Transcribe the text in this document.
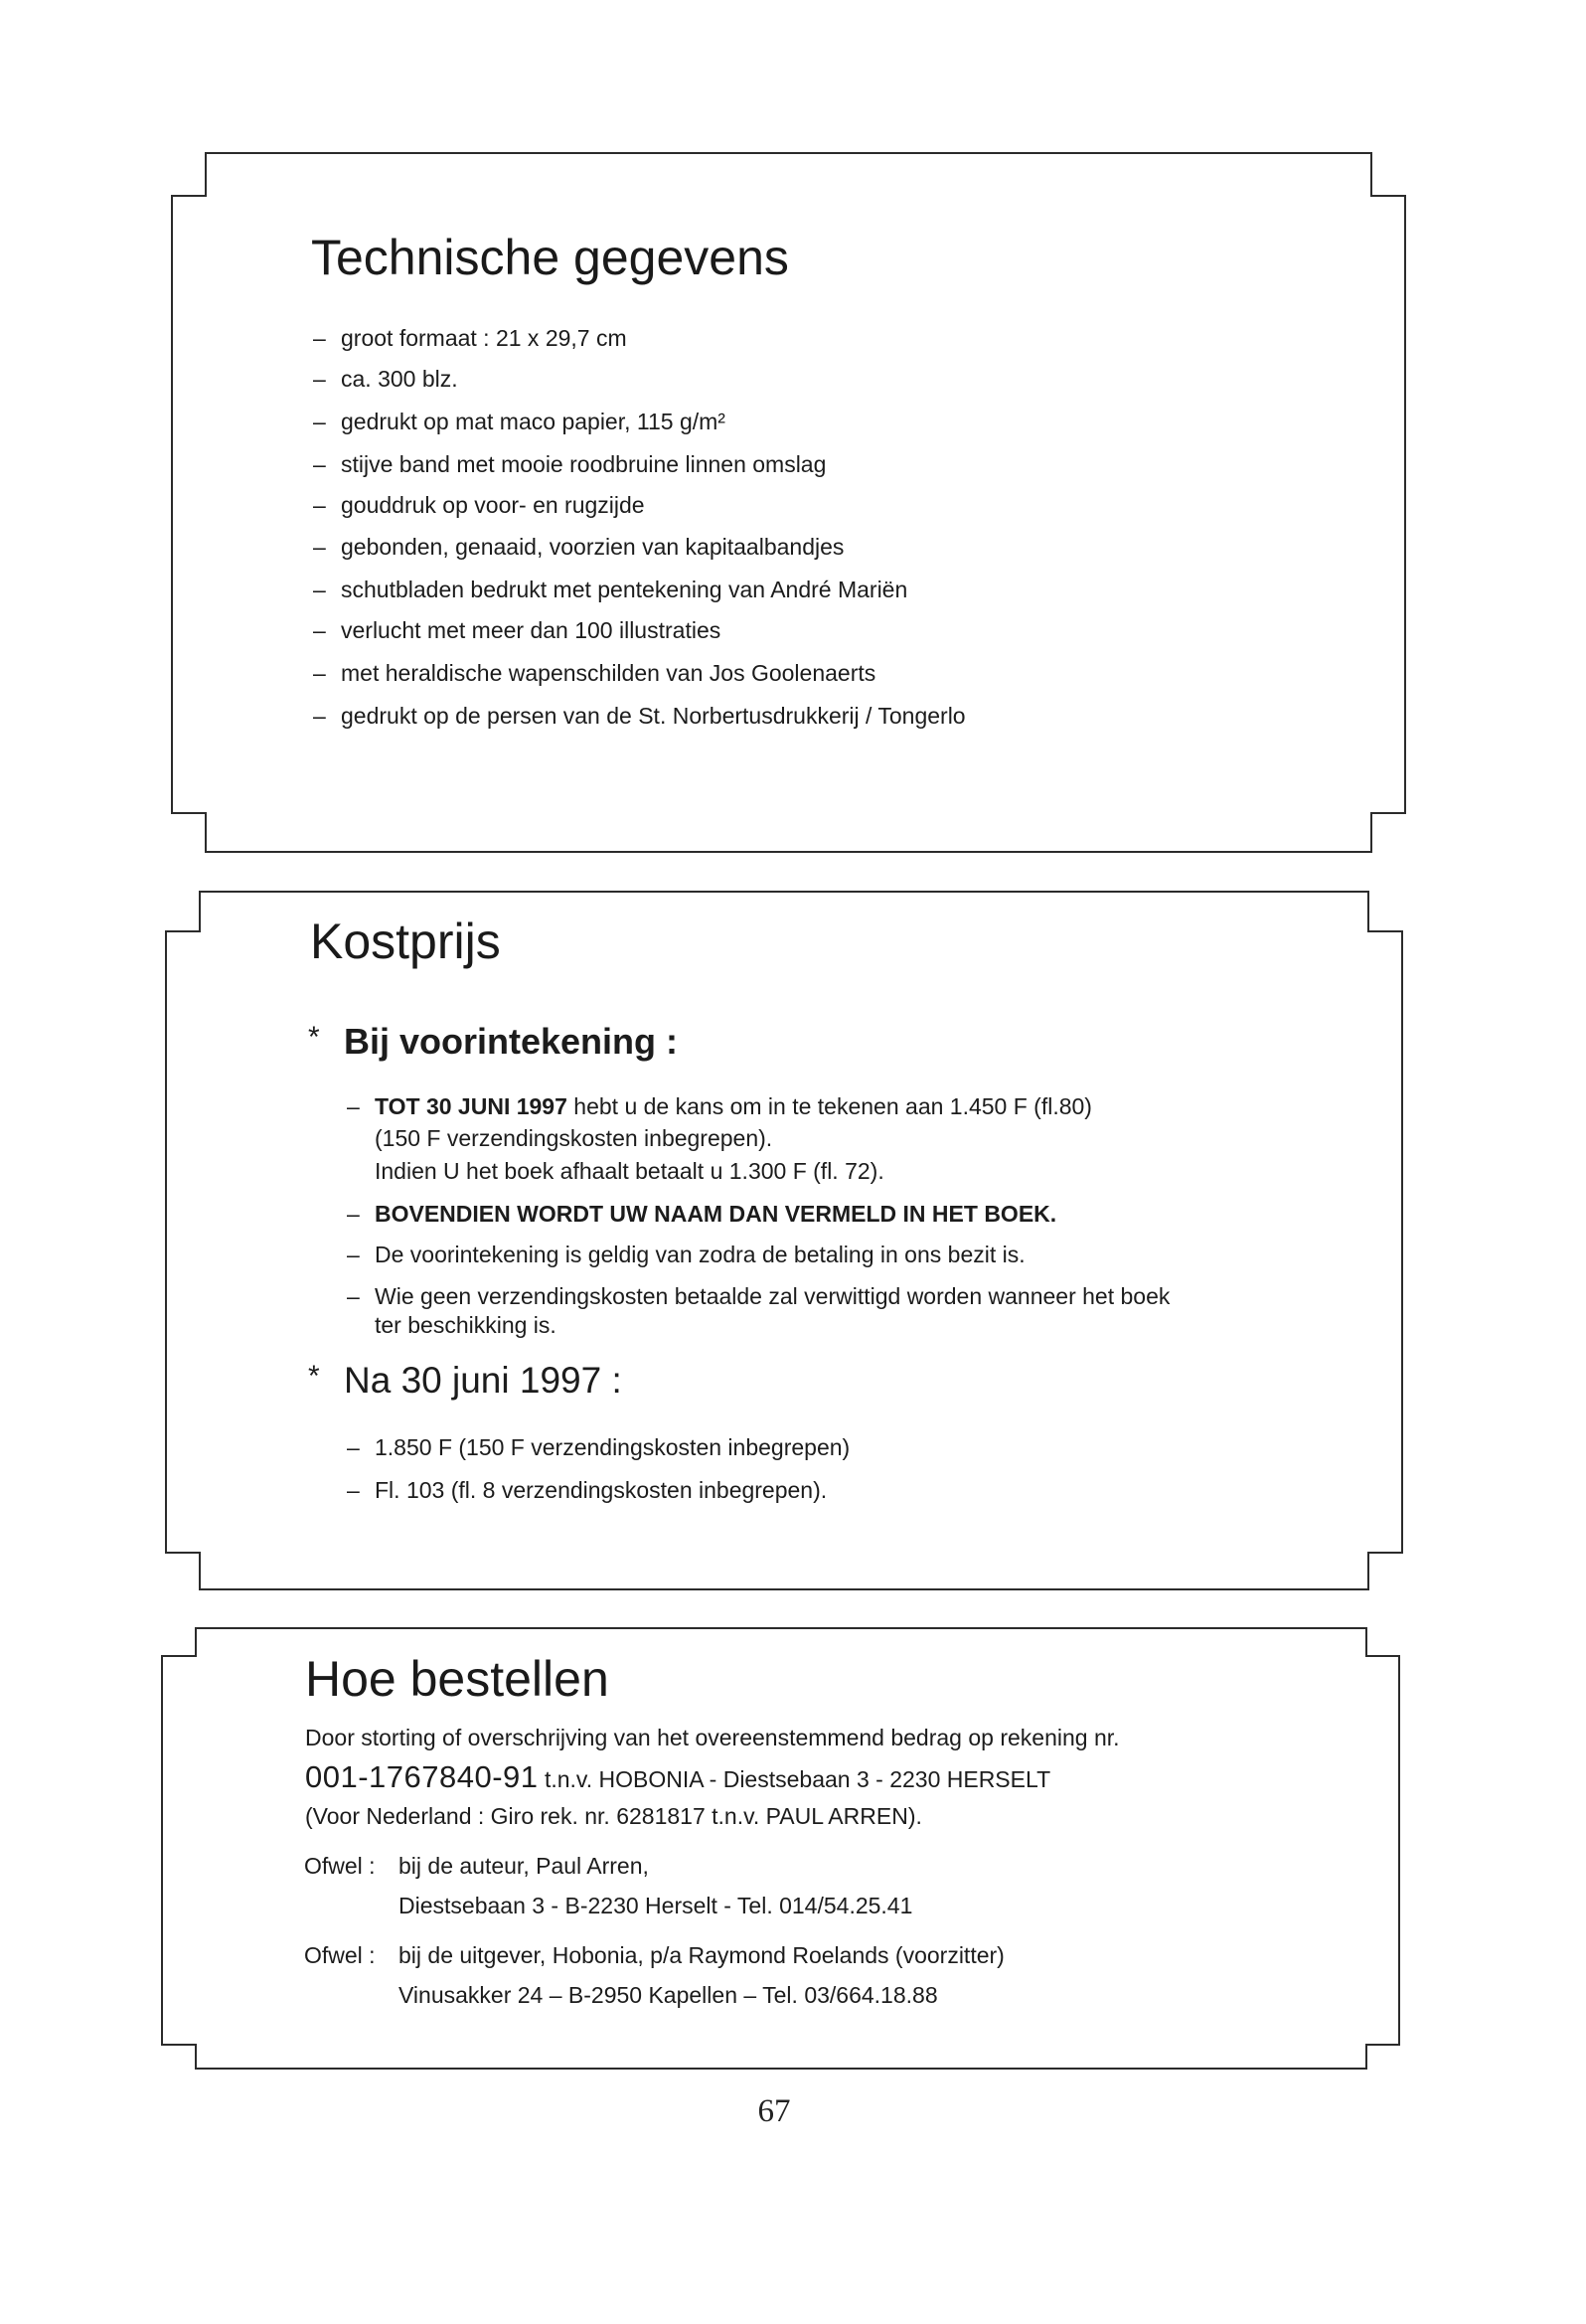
Technische gegevens
– groot formaat : 21 x 29,7 cm
– ca. 300 blz.
– gedrukt op mat maco papier, 115 g/m²
– stijve band met mooie roodbruine linnen omslag
– gouddruk op voor- en rugzijde
– gebonden, genaaid, voorzien van kapitaalbandjes
– schutbladen bedrukt met pentekening van André Mariën
– verlucht met meer dan 100 illustraties
– met heraldische wapenschilden van Jos Goolenaerts
– gedrukt op de persen van de St. Norbertusdrukkerij / Tongerlo
Kostprijs
* Bij voorintekening :
– TOT 30 JUNI 1997 hebt u de kans om in te tekenen aan 1.450 F (fl.80)
(150 F verzendingskosten inbegrepen).
Indien U het boek afhaalt betaalt u 1.300 F (fl. 72).
– BOVENDIEN WORDT UW NAAM DAN VERMELD IN HET BOEK.
– De voorintekening is geldig van zodra de betaling in ons bezit is.
– Wie geen verzendingskosten betaalde zal verwittigd worden wanneer het boek
ter beschikking is.
* Na 30 juni 1997 :
– 1.850 F (150 F verzendingskosten inbegrepen)
– Fl. 103 (fl. 8 verzendingskosten inbegrepen).
Hoe bestellen
Door storting of overschrijving van het overeenstemmend bedrag op rekening nr.
001-1767840-91 t.n.v. HOBONIA - Diestsebaan 3 - 2230 HERSELT
(Voor Nederland : Giro rek. nr. 6281817 t.n.v. PAUL ARREN).
Ofwel : bij de auteur, Paul Arren,
Diestsebaan 3 - B-2230 Herselt - Tel. 014/54.25.41
Ofwel : bij de uitgever, Hobonia, p/a Raymond Roelands (voorzitter)
Vinusakker 24 – B-2950 Kapellen – Tel. 03/664.18.88
67
